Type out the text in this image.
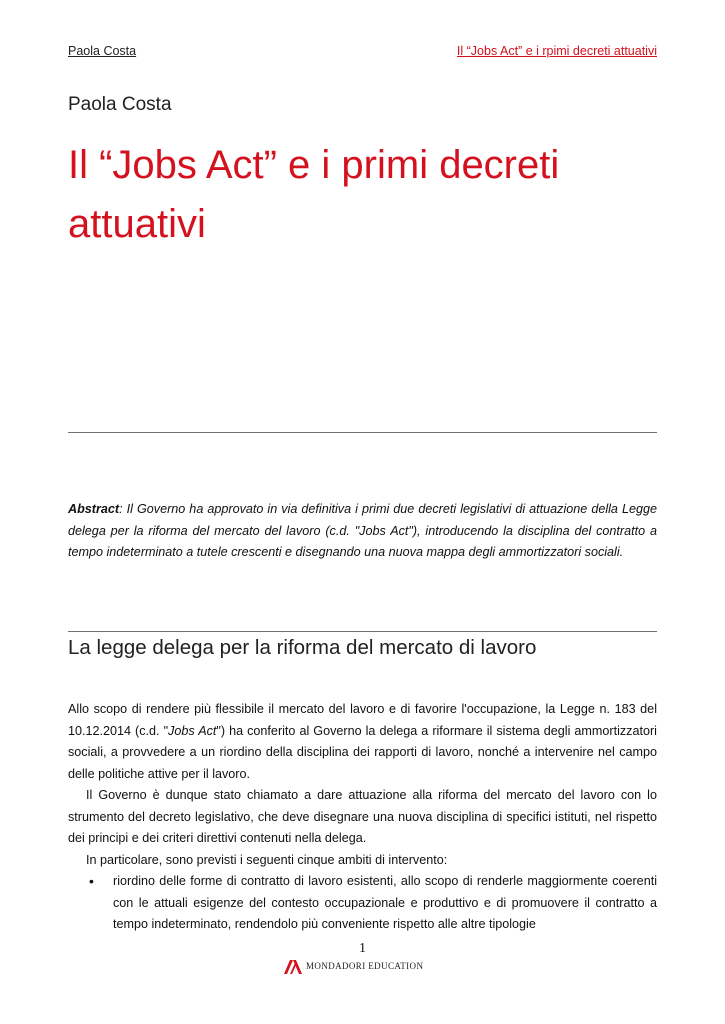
Paola Costa	Il “Jobs Act” e i rpimi decreti attuativi
Paola Costa
Il “Jobs Act” e i primi decreti attuativi
Abstract: Il Governo ha approvato in via definitiva i primi due decreti legislativi di attuazione della Legge delega per la riforma del mercato del lavoro (c.d. "Jobs Act"), introducendo la disciplina del contratto a tempo indeterminato a tutele crescenti e disegnando una nuova mappa degli ammortizzatori sociali.
La legge delega per la riforma del mercato di lavoro

Allo scopo di rendere più flessibile il mercato del lavoro e di favorire l'occupazione, la Legge n. 183 del 10.12.2014 (c.d. "Jobs Act") ha conferito al Governo la delega a riformare il sistema degli ammortizzatori sociali, a provvedere a un riordino della disciplina dei rapporti di lavoro, nonché a intervenire nel campo delle politiche attive per il lavoro.

Il Governo è dunque stato chiamato a dare attuazione alla riforma del mercato del lavoro con lo strumento del decreto legislativo, che deve disegnare una nuova disciplina di specifici istituti, nel rispetto dei principi e dei criteri direttivi contenuti nella delega.

In particolare, sono previsti i seguenti cinque ambiti di intervento:

•	riordino delle forme di contratto di lavoro esistenti, allo scopo di renderle maggiormente coerenti con le attuali esigenze del contesto occupazionale e produttivo e di promuovere il contratto a tempo indeterminato, rendendolo più conveniente rispetto alle altre tipologie
1
MONDADORI EDUCATION
